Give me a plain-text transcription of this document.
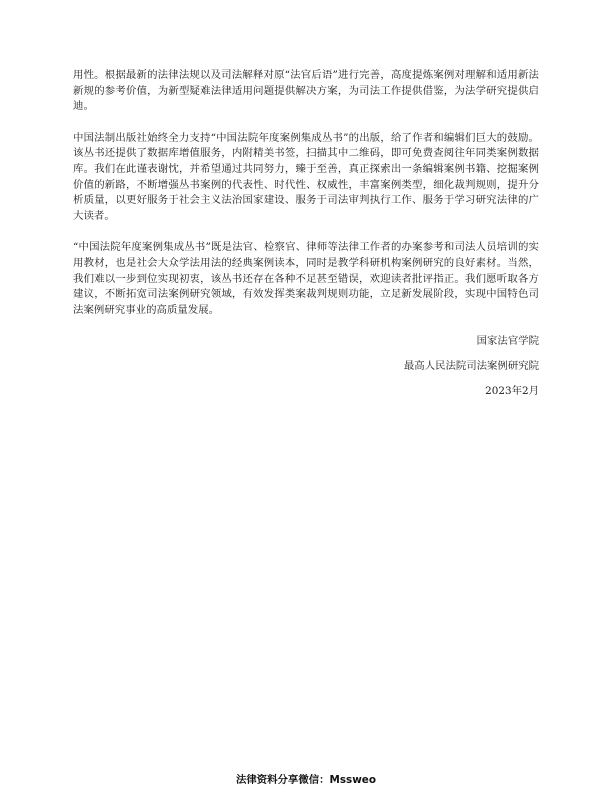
用性。根据最新的法律法规以及司法解释对原“法官后语”进行完善，高度提炼案例对理解和适用新法新规的参考价值，为新型疑难法律适用问题提供解决方案，为司法工作提供借鉴，为法学研究提供启迪。

中国法制出版社始终全力支持“中国法院年度案例集成丛书”的出版，给了作者和编辑们巨大的鼓励。该丛书还提供了数据库增值服务，内附精美书签，扫描其中二维码，即可免费查阅往年同类案例数据库。我们在此谨表谢忱，并希望通过共同努力，臻于至善，真正探索出一条编辑案例书籍、挖掘案例价值的新路，不断增强丛书案例的代表性、时代性、权威性，丰富案例类型，细化裁判规则，提升分析质量，以更好服务于社会主义法治国家建设、服务于司法审判执行工作、服务于学习研究法律的广大读者。

“中国法院年度案例集成丛书”既是法官、检察官、律师等法律工作者的办案参考和司法人员培训的实用教材，也是社会大众学法用法的经典案例读本，同时是教学科研机构案例研究的良好素材。当然，我们难以一步到位实现初衷，该丛书还存在各种不足甚至错误，欢迎读者批评指正。我们愿听取各方建议，不断拓宽司法案例研究领域，有效发挥类案裁判规则功能，立足新发展阶段，实现中国特色司法案例研究事业的高质量发展。

国家法官学院

最高人民法院司法案例研究院

2023年2月

法律资料分享微信：Mssweo
